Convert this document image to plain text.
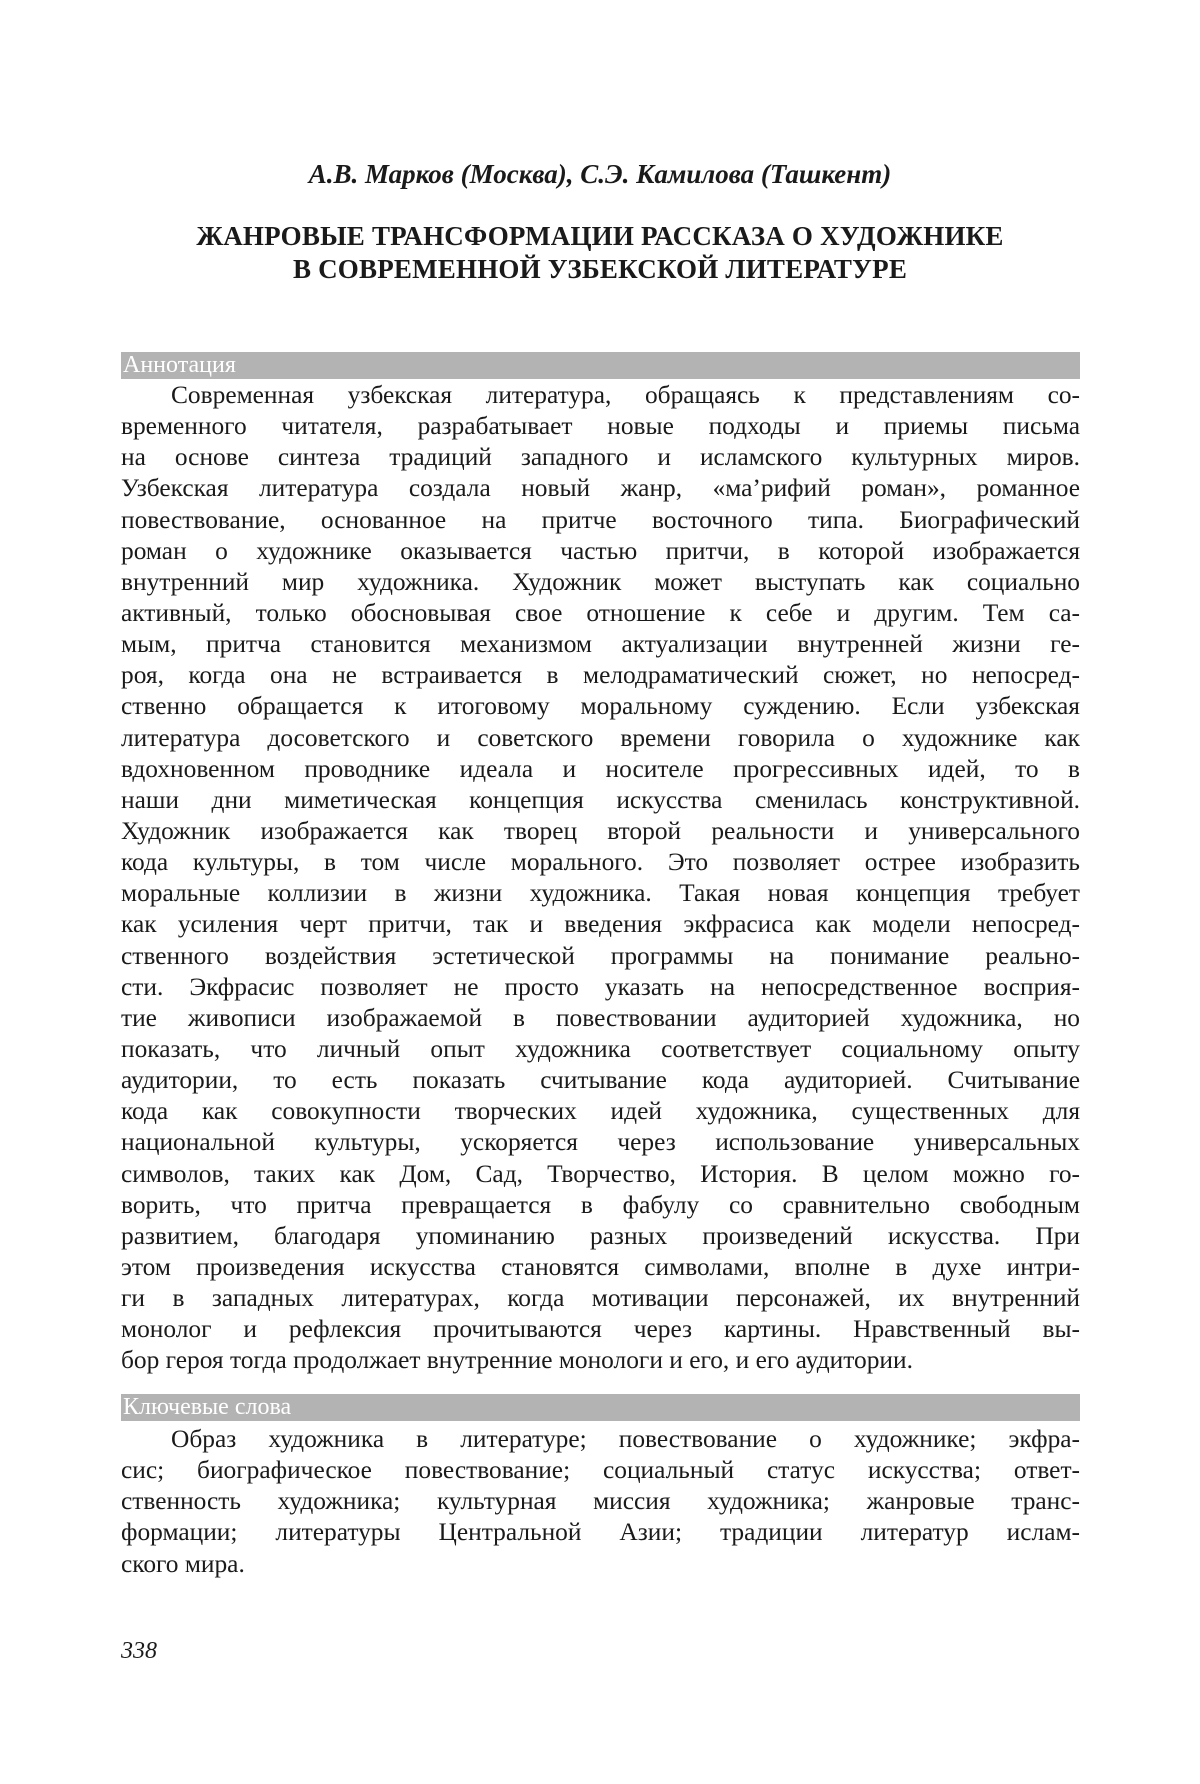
А.В. Марков (Москва), С.Э. Камилова (Ташкент)
ЖАНРОВЫЕ ТРАНСФОРМАЦИИ РАССКАЗА О ХУДОЖНИКЕ
В СОВРЕМЕННОЙ УЗБЕКСКОЙ ЛИТЕРАТУРЕ
Аннотация
Современная узбекская литература, обращаясь к представлениям со-
временного читателя, разрабатывает новые подходы и приемы письма
на основе синтеза традиций западного и исламского культурных миров.
Узбекская литература создала новый жанр, «ма’рифий роман», романное
повествование, основанное на притче восточного типа. Биографический
роман о художнике оказывается частью притчи, в которой изображается
внутренний мир художника. Художник может выступать как социально
активный, только обосновывая свое отношение к себе и другим. Тем са-
мым, притча становится механизмом актуализации внутренней жизни ге-
роя, когда она не встраивается в мелодраматический сюжет, но непосред-
ственно обращается к итоговому моральному суждению. Если узбекская
литература досоветского и советского времени говорила о художнике как
вдохновенном проводнике идеала и носителе прогрессивных идей, то в
наши дни миметическая концепция искусства сменилась конструктивной.
Художник изображается как творец второй реальности и универсального
кода культуры, в том числе морального. Это позволяет острее изобразить
моральные коллизии в жизни художника. Такая новая концепция требует
как усиления черт притчи, так и введения экфрасиса как модели непосред-
ственного воздействия эстетической программы на понимание реально-
сти. Экфрасис позволяет не просто указать на непосредственное восприя-
тие живописи изображаемой в повествовании аудиторией художника, но
показать, что личный опыт художника соответствует социальному опыту
аудитории, то есть показать считывание кода аудиторией. Считывание
кода как совокупности творческих идей художника, существенных для
национальной культуры, ускоряется через использование универсальных
символов, таких как Дом, Сад, Творчество, История. В целом можно го-
ворить, что притча превращается в фабулу со сравнительно свободным
развитием, благодаря упоминанию разных произведений искусства. При
этом произведения искусства становятся символами, вполне в духе интри-
ги в западных литературах, когда мотивации персонажей, их внутренний
монолог и рефлексия прочитываются через картины. Нравственный вы-
бор героя тогда продолжает внутренние монологи и его, и его аудитории.
Ключевые слова
Образ художника в литературе; повествование о художнике; экфра-
сис; биографическое повествование; социальный статус искусства; ответ-
ственность художника; культурная миссия художника; жанровые транс-
формации; литературы Центральной Азии; традиции литератур ислам-
ского мира.
338
